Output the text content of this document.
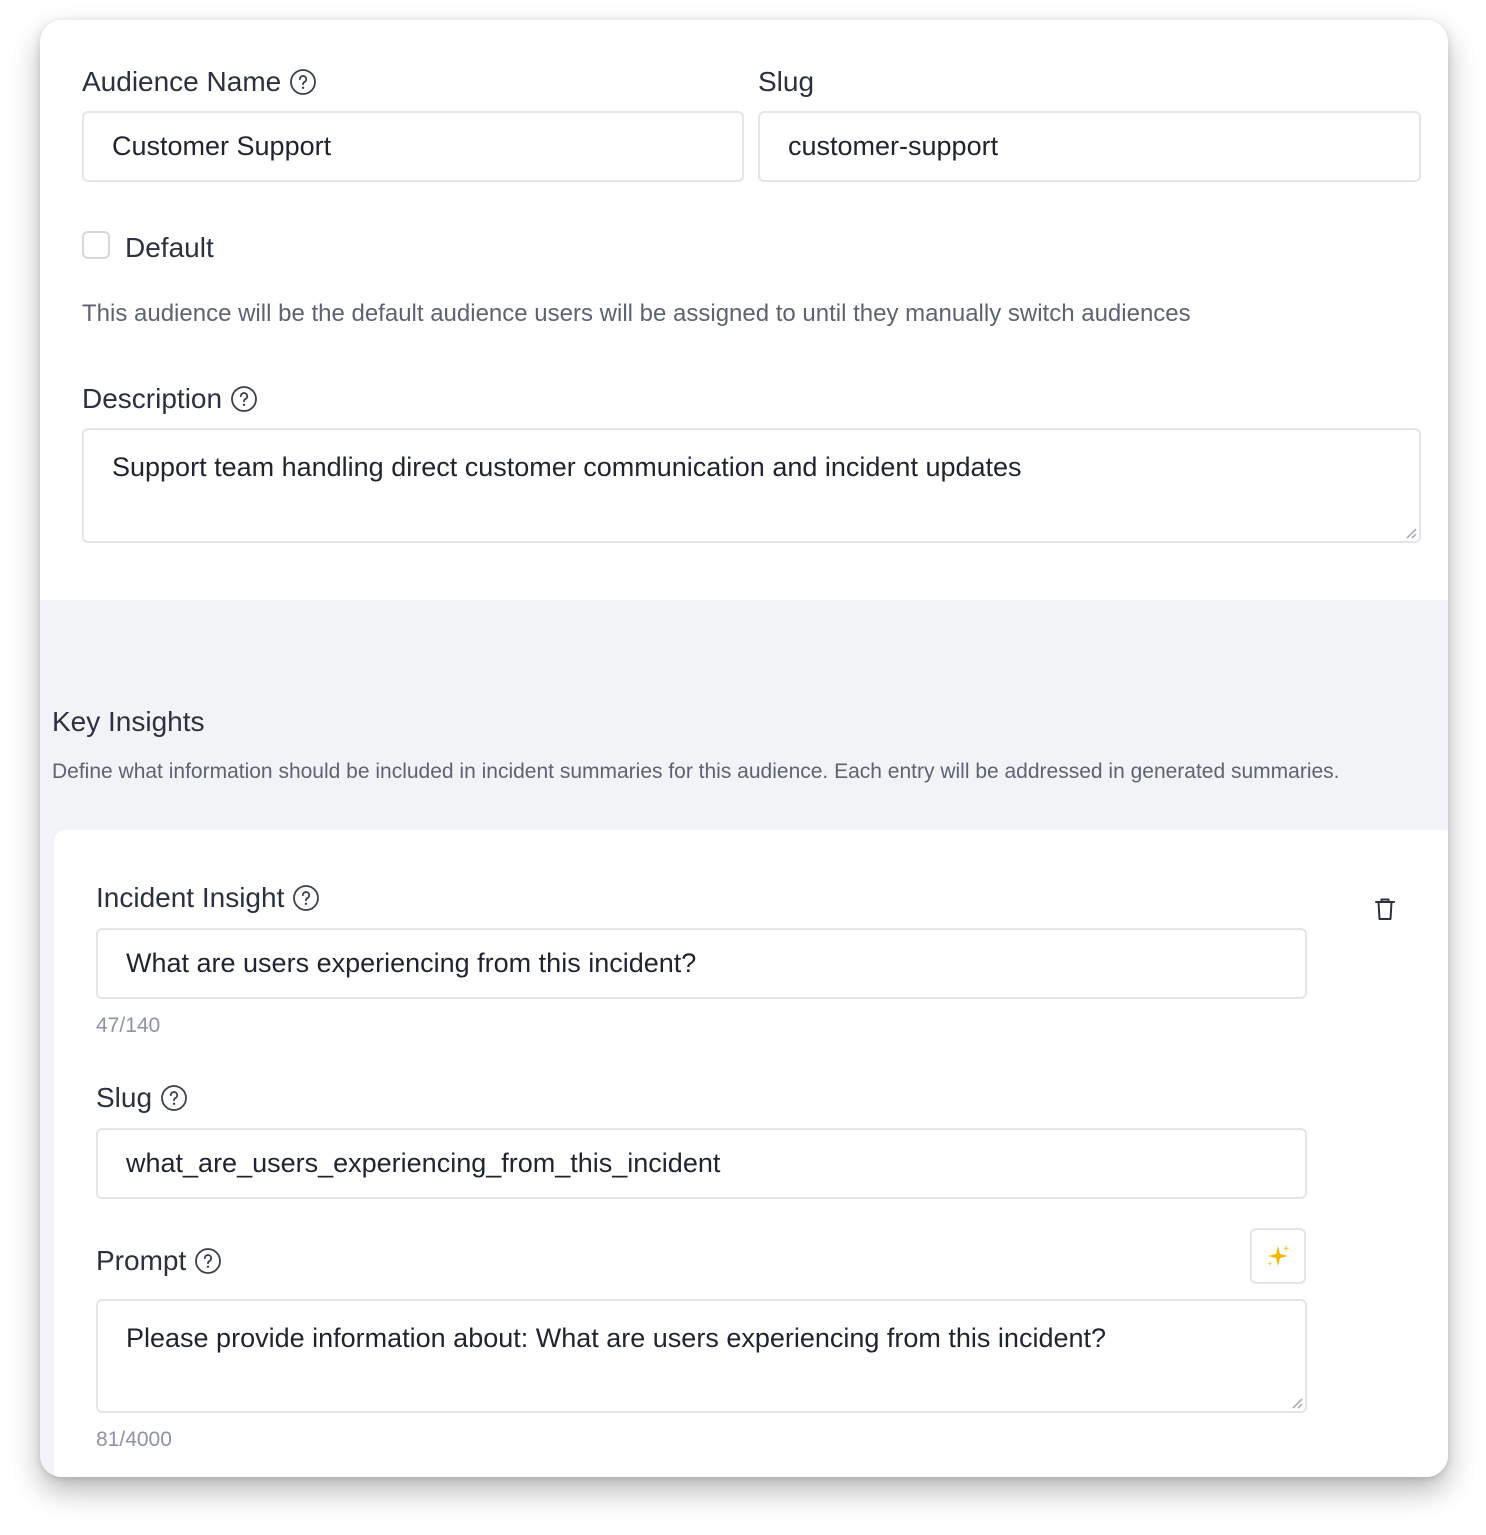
Audience Name
Customer Support
Slug
customer-support
Default
This audience will be the default audience users will be assigned to until they manually switch audiences
Description
Support team handling direct customer communication and incident updates
Key Insights
Define what information should be included in incident summaries for this audience. Each entry will be addressed in generated summaries.
Incident Insight
What are users experiencing from this incident?
47/140
Slug
what_are_users_experiencing_from_this_incident
Prompt
Please provide information about: What are users experiencing from this incident?
81/4000
